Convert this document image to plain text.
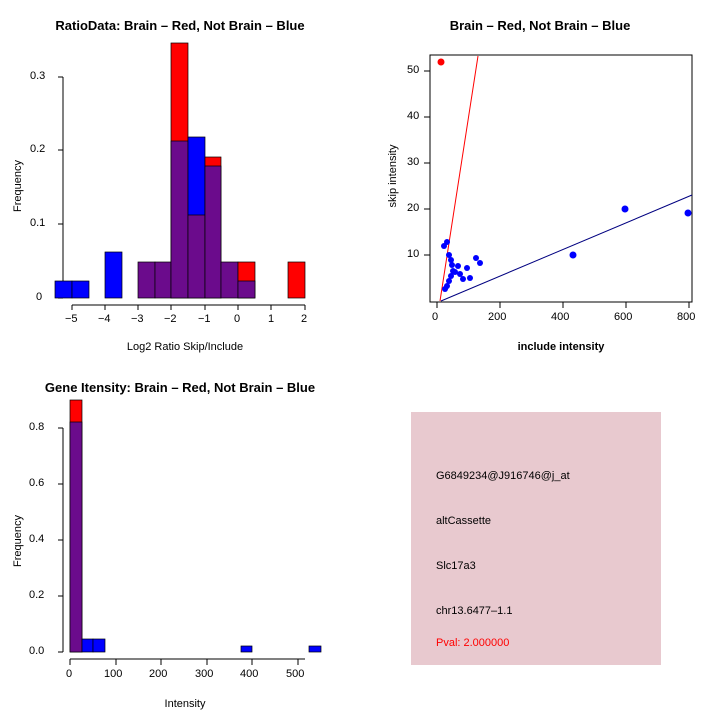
RatioData: Brain – Red, Not Brain – Blue
0
0.1
0.2
0.3
−5 −4 −3 −2 −1 0	1 2
Log2 Ratio Skip/Include
Frequency
Brain – Red, Not Brain – Blue
10
20
30
40
50
0	200	400	600	800
include intensity
skip intensity
Gene Itensity: Brain – Red, Not Brain – Blue
0.0
0.2
0.4
0.6
0.8
0	100 200	300 400	500
Intensity
Frequency
G6849234@J916746@j_at
altCassette
Slc17a3
chr13.6477–1.1
Pval: 2.000000
